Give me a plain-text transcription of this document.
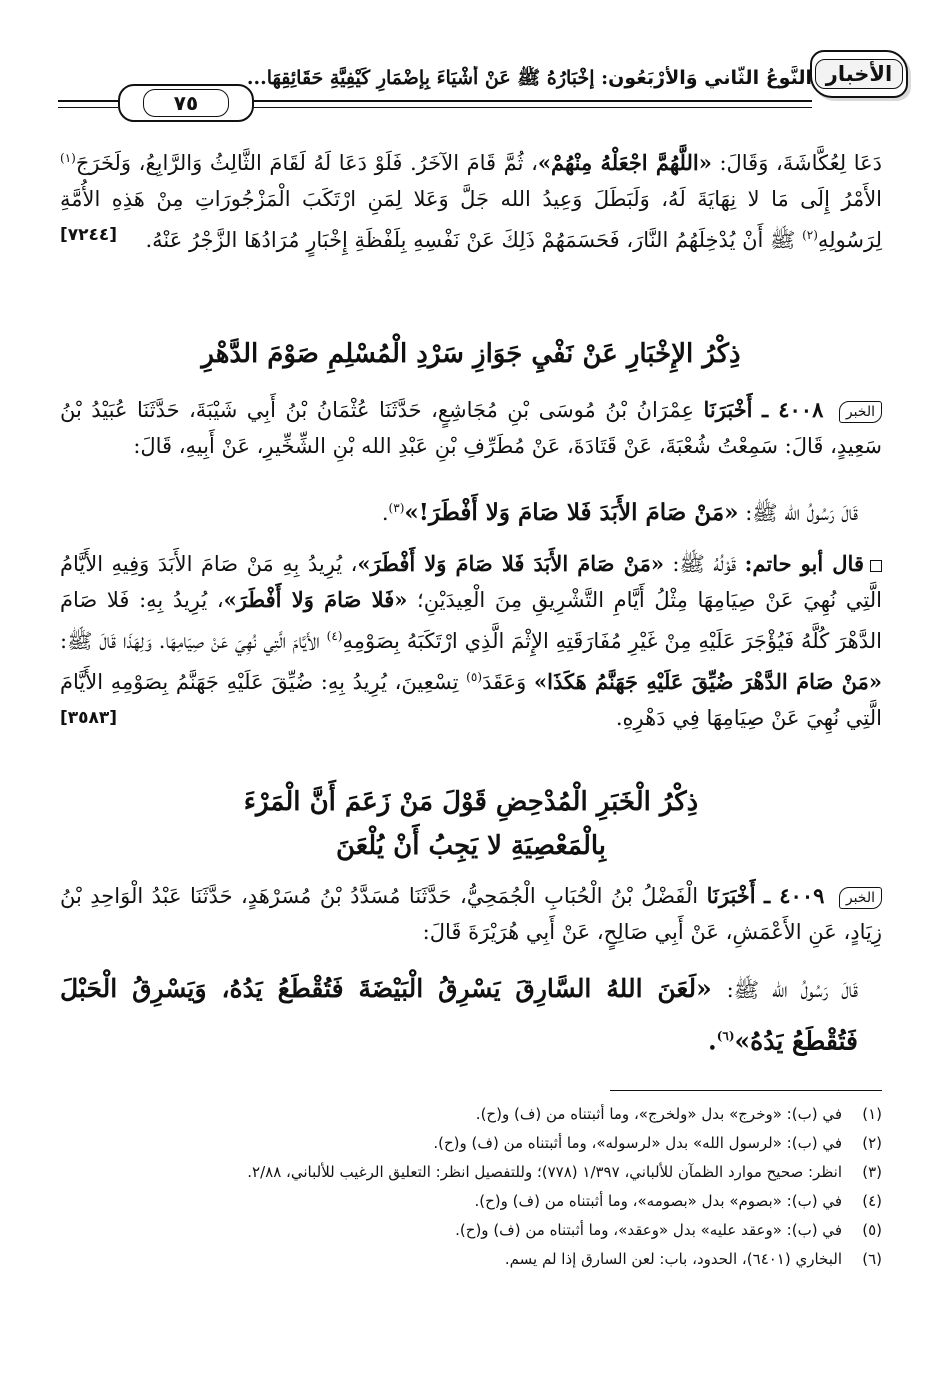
الأخبار
النَّوعُ الثَّاني وَالأَرْبَعُون: إخْبَارُهُ ﷺ عَنْ أَشْيَاءَ بِإضْمَارِ كَيْفِيَّةِ حَقَائِقِهَا...
٧٥
دَعَا لِعُكَّاشَةَ، وَقَالَ: «اللَّهُمَّ اجْعَلْهُ مِنْهُمْ»، ثُمَّ قَامَ الآخَرُ. فَلَوْ دَعَا لَهُ لَقَامَ الثَّالِثُ وَالرَّابِعُ، وَلَخَرَجَ$^{(١)}$ الأَمْرُ إِلَى مَا لا نِهَايَةَ لَهُ، وَلَبَطَلَ وَعِيدُ الله جَلَّ وَعَلا لِمَنِ ارْتَكَبَ الْمَزْجُورَاتِ مِنْ هَذِهِ الأُمَّةِ لِرَسُولِهِ$^{(٢)}$ ﷺ أَنْ يُدْخِلَهُمُ النَّارَ، فَحَسَمَهُمْ ذَلِكَ عَنْ نَفْسِهِ بِلَفْظَةِ إِخْبَارٍ مُرَادُهَا الزَّجْرُ عَنْهُ.
[٧٢٤٤]
ذِكْرُ الإِخْبَارِ عَنْ نَفْيِ جَوَازِ سَرْدِ الْمُسْلِمِ صَوْمَ الدَّهْرِ
الخبر ٤٠٠٨ ـ أَخْبَرَنَا عِمْرَانُ بْنُ مُوسَى بْنِ مُجَاشِعٍ، حَدَّثَنَا عُثْمَانُ بْنُ أَبِي شَيْبَةَ، حَدَّثَنَا عُبَيْدُ بْنُ سَعِيدٍ، قَالَ: سَمِعْتُ شُعْبَةَ، عَنْ قَتَادَةَ، عَنْ مُطَرِّفِ بْنِ عَبْدِ الله بْنِ الشِّخِّيرِ، عَنْ أَبِيهِ، قَالَ:
قَالَ رَسُولُ الله ﷺ: «مَنْ صَامَ الأَبَدَ فَلا صَامَ وَلا أَفْطَرَ!»$^{(٣)}$.
قال أبو حاتم: قَوْلُهُ ﷺ: «مَنْ صَامَ الأَبَدَ فَلا صَامَ وَلا أَفْطَرَ»، يُرِيدُ بِهِ مَنْ صَامَ الأَبَدَ وَفِيهِ الأَيَّامُ الَّتِي نُهِيَ عَنْ صِيَامِهَا مِثْلُ أَيَّامِ التَّشْرِيقِ مِنَ الْعِيدَيْنِ؛ «فَلا صَامَ وَلا أَفْطَرَ»، يُرِيدُ بِهِ: فَلا صَامَ الدَّهْرَ كُلَّهُ فَيُؤْجَرَ عَلَيْهِ مِنْ غَيْرِ مُفَارَقَتِهِ الإِثْمَ الَّذِي ارْتَكَبَهُ بِصَوْمِهِ$^{(٤)}$ الأَيَّامَ الَّتِي نُهِيَ عَنْ صِيَامِهَا. وَلِهَذَا قَالَ ﷺ: «مَنْ صَامَ الدَّهْرَ ضُيِّقَ عَلَيْهِ جَهَنَّمُ هَكَذَا» وَعَقَدَ$^{(٥)}$ تِسْعِينَ، يُرِيدُ بِهِ: ضُيِّقَ عَلَيْهِ جَهَنَّمُ بِصَوْمِهِ الأَيَّامَ الَّتِي نُهِيَ عَنْ صِيَامِهَا فِي دَهْرِهِ.
[٣٥٨٣]
ذِكْرُ الْخَبَرِ الْمُدْحِضِ قَوْلَ مَنْ زَعَمَ أَنَّ الْمَرْءَ
بِالْمَعْصِيَةِ لا يَجِبُ أَنْ يُلْعَنَ
الخبر ٤٠٠٩ ـ أَخْبَرَنَا الْفَضْلُ بْنُ الْحُبَابِ الْجُمَحِيُّ، حَدَّثَنَا مُسَدَّدُ بْنُ مُسَرْهَدٍ، حَدَّثَنَا عَبْدُ الْوَاحِدِ بْنُ زِيَادٍ، عَنِ الأَعْمَشِ، عَنْ أَبِي صَالِحٍ، عَنْ أَبِي هُرَيْرَةَ قَالَ:
قَالَ رَسُولُ الله ﷺ: «لَعَنَ اللهُ السَّارِقَ يَسْرِقُ الْبَيْضَةَ فَتُقْطَعُ يَدُهُ، وَيَسْرِقُ الْحَبْلَ فَتُقْطَعُ يَدُهُ»$^{(٦)}$.
(١)
في (ب): «وخرج» بدل «ولخرج»، وما أثبتناه من (ف) و(ح).
(٢)
في (ب): «لرسول الله» بدل «لرسوله»، وما أثبتناه من (ف) و(ح).
(٣)
انظر: صحيح موارد الظمآن للألباني، ١/٣٩٧ (٧٧٨)؛ وللتفصيل انظر: التعليق الرغيب للألباني، ٢/٨٨.
(٤)
في (ب): «بصوم» بدل «بصومه»، وما أثبتناه من (ف) و(ح).
(٥)
في (ب): «وعقد عليه» بدل «وعقد»، وما أثبتناه من (ف) و(ح).
(٦)
البخاري (٦٤٠١)، الحدود، باب: لعن السارق إذا لم يسم.
